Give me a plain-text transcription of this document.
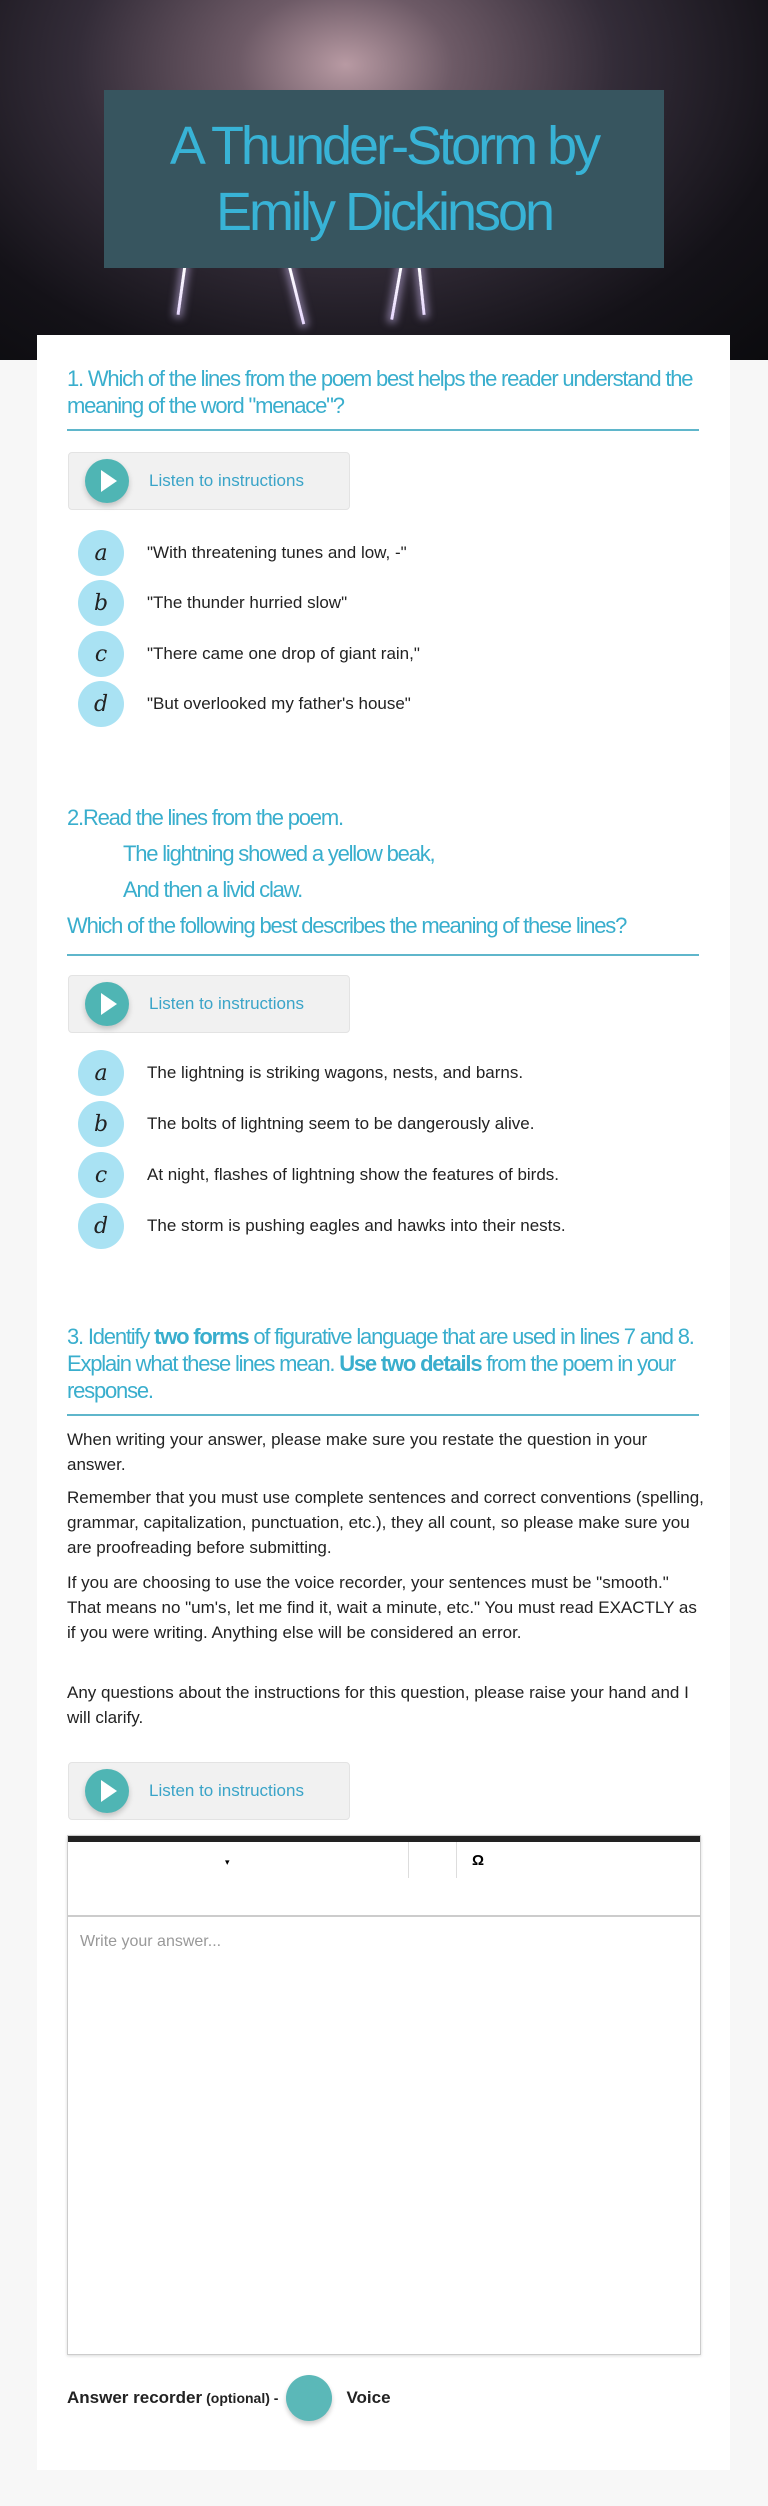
A Thunder-Storm by Emily Dickinson
1. Which of the lines from the poem best helps the reader understand the meaning of the word "menace"?
Listen to instructions
a	"With threatening tunes and low, -"
b	"The thunder hurried slow"
c	"There came one drop of giant rain,"
d	"But overlooked my father's house"
2.Read the lines from the poem.
The lightning showed a yellow beak,
And then a livid claw.
Which of the following best describes the meaning of these lines?
Listen to instructions
a	The lightning is striking wagons, nests, and barns.
b	The bolts of lightning seem to be dangerously alive.
c	At night, flashes of lightning show the features of birds.
d	The storm is pushing eagles and hawks into their nests.
3. Identify two forms of figurative language that are used in lines 7 and 8. Explain what these lines mean. Use two details from the poem in your response.

When writing your answer, please make sure you restate the question in your answer.

Remember that you must use complete sentences and correct conventions (spelling, grammar, capitalization, punctuation, etc.), they all count, so please make sure you are proofreading before submitting.

If you are choosing to use the voice recorder, your sentences must be "smooth." That means no "um's, let me find it, wait a minute, etc." You must read EXACTLY as if you were writing. Anything else will be considered an error.

Any questions about the instructions for this question, please raise your hand and I will clarify.

Listen to instructions
▾	Ω
Write your answer...
Answer recorder (optional) -	Voice
